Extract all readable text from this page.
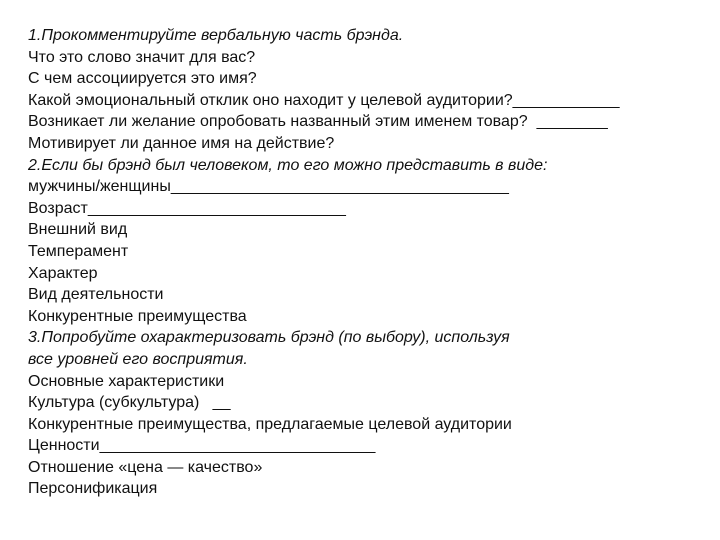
1.Прокомментируйте вербальную часть брэнда.
Что это слово значит для вас?
С чем ассоциируется это имя?
Какой эмоциональный отклик оно находит у целевой аудитории?____________
Возникает ли желание опробовать названный этим именем товар?  ________
Мотивирует ли данное имя на действие?
2.Если бы брэнд был человеком, то его можно представить в виде:
мужчины/женщины______________________________________
Возраст_____________________________
Внешний вид
Темперамент
Характер
Вид деятельности
Конкурентные преимущества
3.Попробуйте охарактеризовать брэнд (по выбору), используя
все уровней его восприятия.
Основные характеристики
Культура (субкультура)   __
Конкурентные преимущества, предлагаемые целевой аудитории
Ценности_______________________________
Отношение «цена — качество»
Персонификация
